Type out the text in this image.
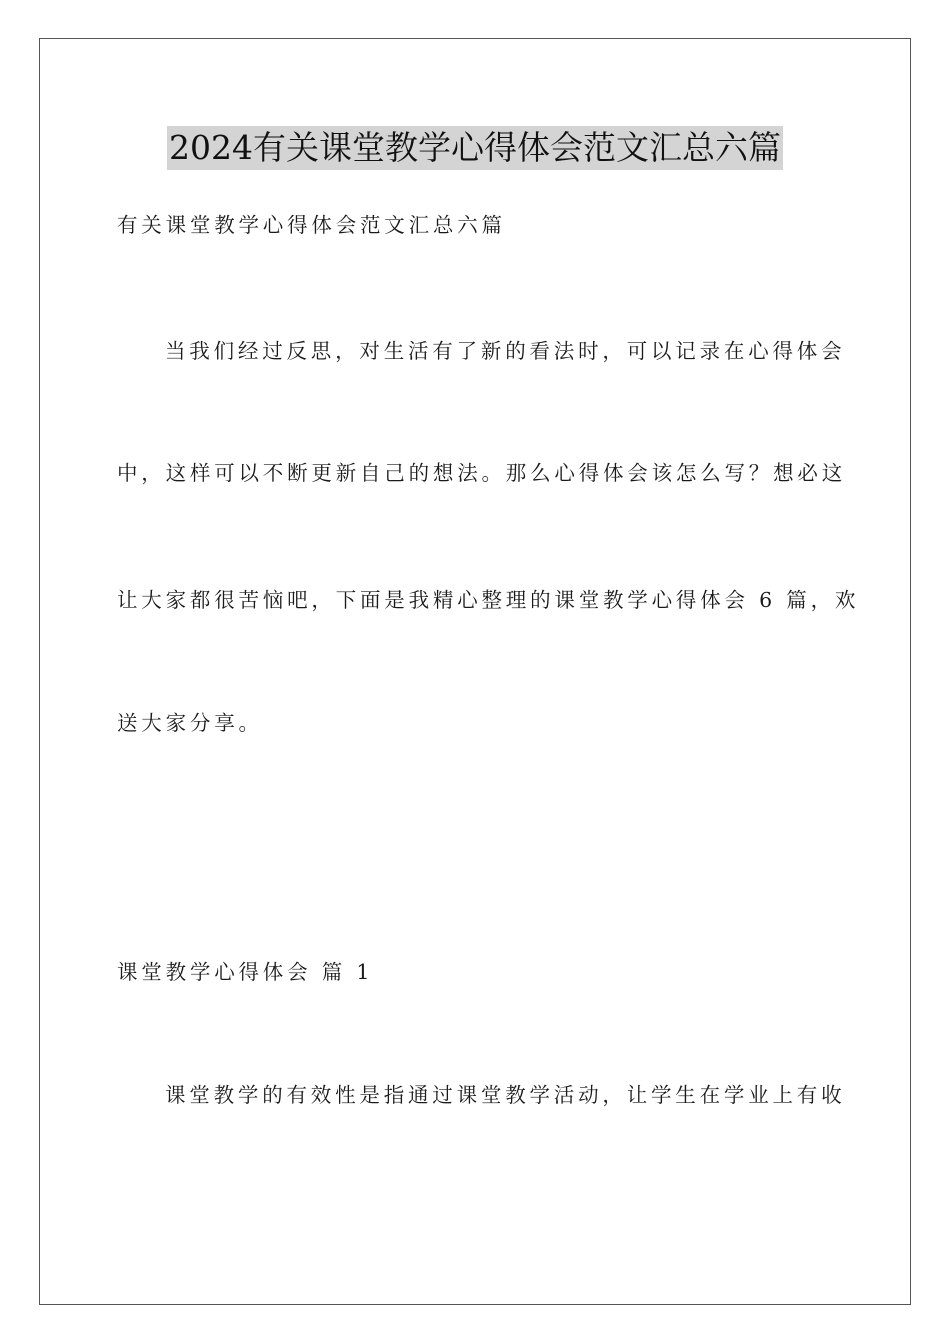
2024有关课堂教学心得体会范文汇总六篇
有关课堂教学心得体会范文汇总六篇
当我们经过反思，对生活有了新的看法时，可以记录在心得体会
中，这样可以不断更新自己的想法。那么心得体会该怎么写？想必这
让大家都很苦恼吧，下面是我精心整理的课堂教学心得体会 6 篇，欢
送大家分享。
课堂教学心得体会 篇 1
课堂教学的有效性是指通过课堂教学活动，让学生在学业上有收
